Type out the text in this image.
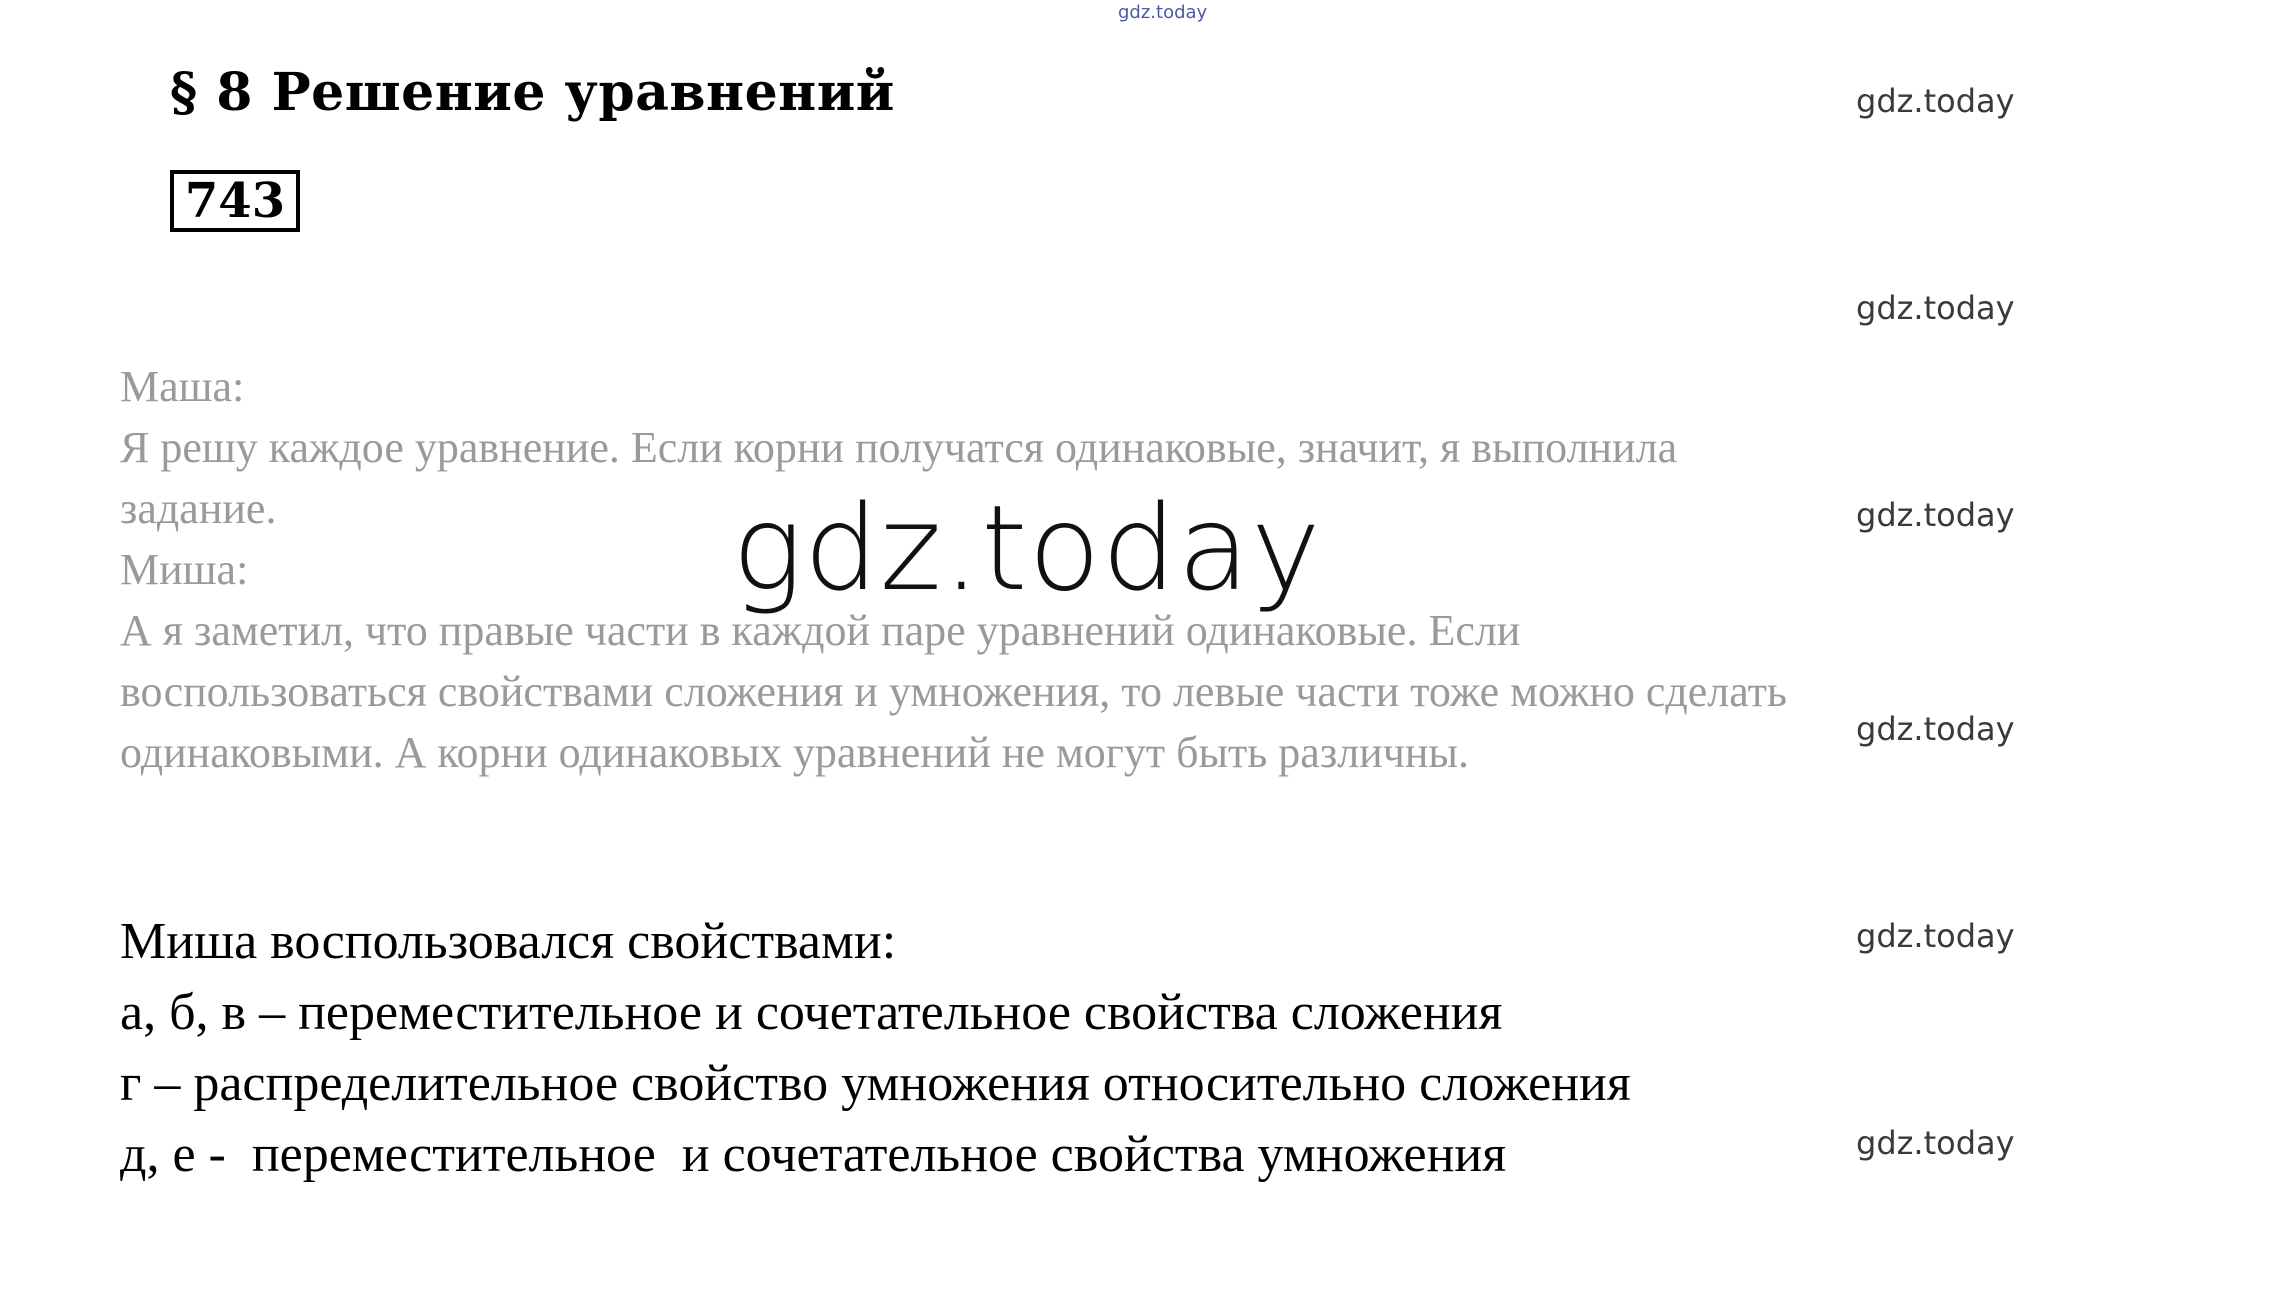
gdz.today
§ 8 Решение уравнений
743
gdz.today
gdz.today
gdz.today
gdz.today
gdz.today
gdz.today
Маша:
Я решу каждое уравнение. Если корни получатся одинаковые, значит, я выполнила
задание.
Миша:
А я заметил, что правые части в каждой паре уравнений одинаковые. Если
воспользоваться свойствами сложения и умножения, то левые части тоже можно сделать
одинаковыми. А корни одинаковых уравнений не могут быть различны.
gdz.today
Миша воспользовался свойствами:
а, б, в – переместительное и сочетательное свойства сложения
г – распределительное свойство умножения относительно сложения
д, е -  переместительное  и сочетательное свойства умножения
